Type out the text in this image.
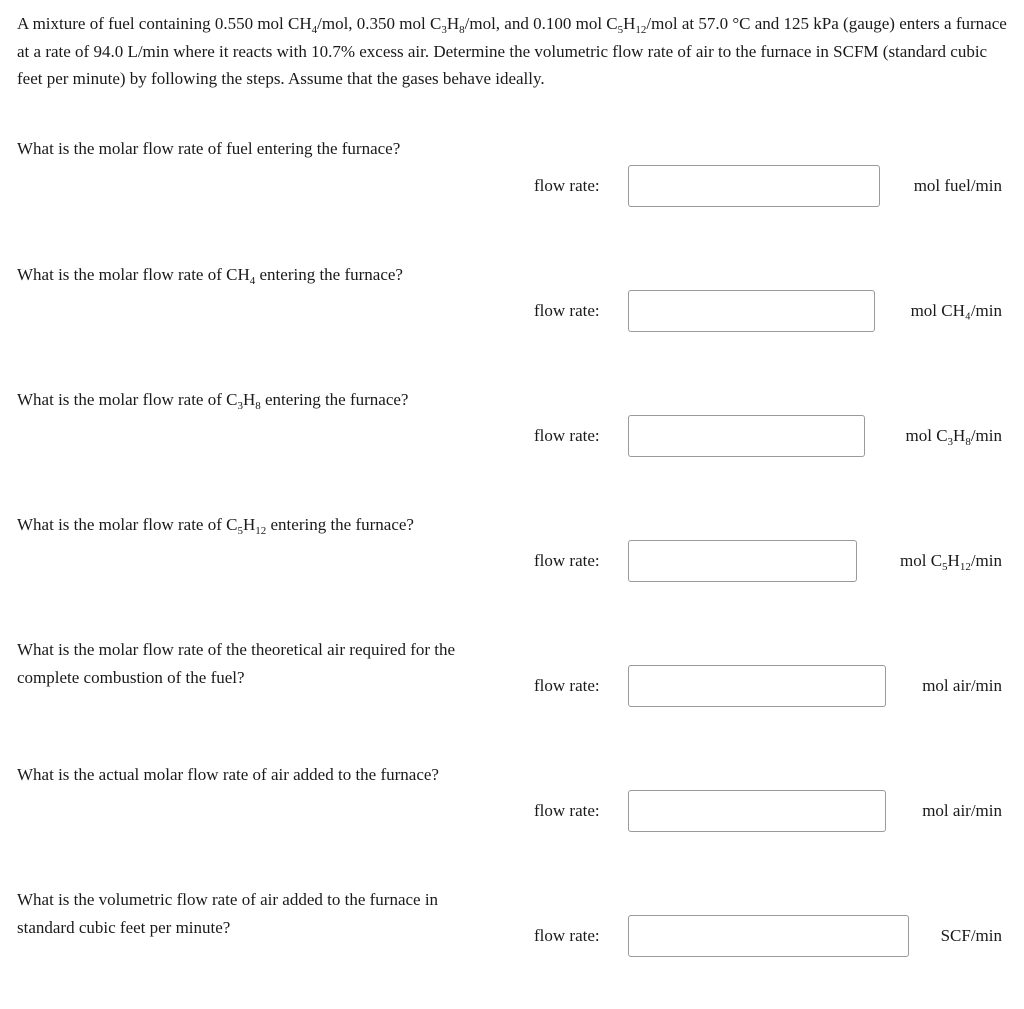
A mixture of fuel containing 0.550 mol $CH_4$/mol, 0.350 mol $C_3H_8$/mol, and 0.100 mol $C_5H_{12}$/mol at 57.0 °C and 125 kPa (gauge) enters a furnace at a rate of 94.0 L/min where it reacts with 10.7% excess air. Determine the volumetric flow rate of air to the furnace in SCFM (standard cubic feet per minute) by following the steps. Assume that the gases behave ideally.
What is the molar flow rate of fuel entering the furnace?
flow rate:	mol fuel/min
What is the molar flow rate of $CH_4$ entering the furnace?
flow rate:	mol CH₄/min
What is the molar flow rate of $C_3H_8$ entering the furnace?
flow rate:	mol $C_3H_8/\min$
What is the molar flow rate of $C_5H_{12}$ entering the furnace?
flow rate:	mol $C_5H_{12}/\min$
What is the molar flow rate of the theoretical air required for the complete combustion of the fuel?	flow rate:	mol air/min
What is the actual molar flow rate of air added to the furnace?
flow rate:	mol air/min
What is the volumetric flow rate of air added to the furnace in standard cubic feet per minute?	flow rate:	SCF/min
